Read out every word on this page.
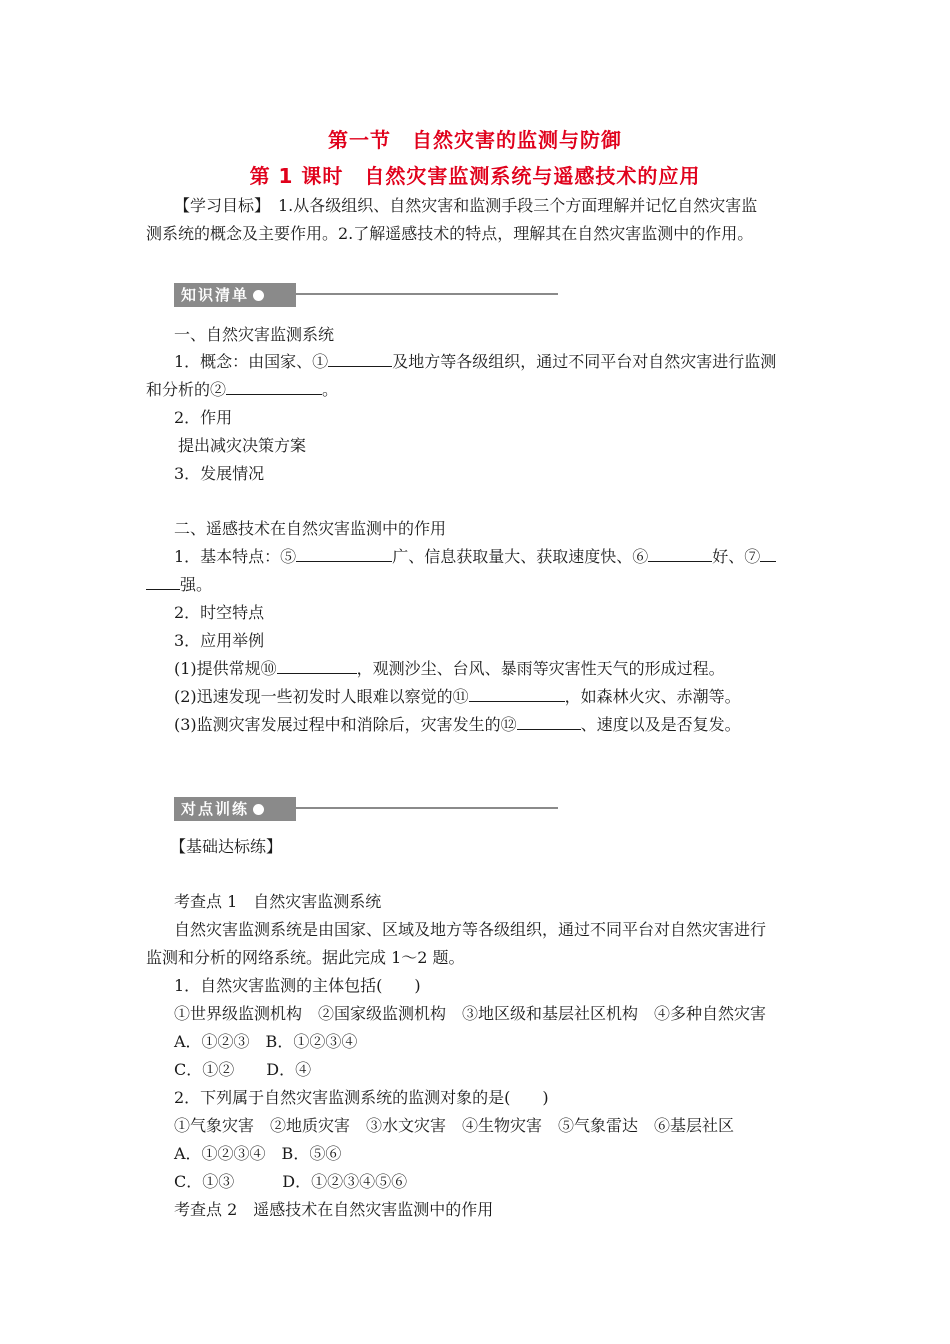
第一节　自然灾害的监测与防御
第 1 课时　自然灾害监测系统与遥感技术的应用
【学习目标】　1.从各级组织、自然灾害和监测手段三个方面理解并记忆自然灾害监
测系统的概念及主要作用。2.了解遥感技术的特点，理解其在自然灾害监测中的作用。
知识清单
一、自然灾害监测系统
1．概念：由国家、①	及地方等各级组织，通过不同平台对自然灾害进行监测
和分析的②	。
2．作用
提出减灾决策方案
3．发展情况
二、遥感技术在自然灾害监测中的作用
1．基本特点：⑤	广、信息获取量大、获取速度快、⑥	好、⑦
强。
2．时空特点
3．应用举例
(1)提供常规⑩	，观测沙尘、台风、暴雨等灾害性天气的形成过程。
(2)迅速发现一些初发时人眼难以察觉的⑪	，如森林火灾、赤潮等。
(3)监测灾害发展过程中和消除后，灾害发生的⑫	、速度以及是否复发。
对点训练
【基础达标练】
考查点 1　自然灾害监测系统
自然灾害监测系统是由国家、区域及地方等各级组织，通过不同平台对自然灾害进行
监测和分析的网络系统。据此完成 1～2 题。
1．自然灾害监测的主体包括(　　)
①世界级监测机构　②国家级监测机构　③地区级和基层社区机构　④多种自然灾害
A．①②③　B．①②③④
C．①②　　D．④
2．下列属于自然灾害监测系统的监测对象的是(　　)
①气象灾害　②地质灾害　③水文灾害　④生物灾害　⑤气象雷达　⑥基层社区
A．①②③④　B．⑤⑥
C．①③　　　D．①②③④⑤⑥
考查点 2　遥感技术在自然灾害监测中的作用
